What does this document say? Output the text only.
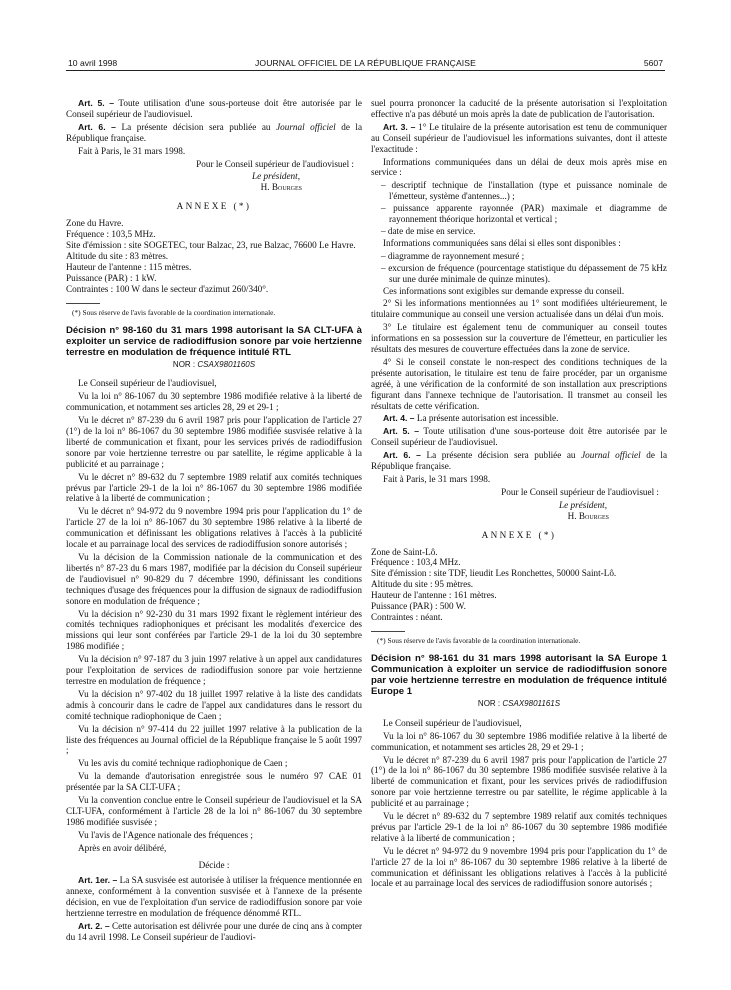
10 avril 1998	JOURNAL OFFICIEL DE LA RÉPUBLIQUE FRANÇAISE	5607

Art. 5. – Toute utilisation d'une sous-porteuse doit être autorisée par le Conseil supérieur de l'audiovisuel.

Art. 6. – La présente décision sera publiée au Journal officiel de la République française.

Fait à Paris, le 31 mars 1998.

Pour le Conseil supérieur de l'audiovisuel :

Le président,

H. Bourges

ANNEXE (*)

Zone du Havre.

Fréquence : 103,5 MHz.

Site d'émission : site SOGETEC, tour Balzac, 23, rue Balzac, 76600 Le Havre.

Altitude du site : 83 mètres.

Hauteur de l'antenne : 115 mètres.

Puissance (PAR) : 1 kW.

Contraintes : 100 W dans le secteur d'azimut 260/340°.

(*) Sous réserve de l'avis favorable de la coordination internationale.

Décision n° 98-160 du 31 mars 1998 autorisant la SA CLT-UFA à exploiter un service de radiodiffusion sonore par voie hertzienne terrestre en modulation de fréquence intitulé RTL

NOR : CSAX9801160S

Le Conseil supérieur de l'audiovisuel,

Vu la loi n° 86-1067 du 30 septembre 1986 modifiée relative à la liberté de communication, et notamment ses articles 28, 29 et 29-1 ;

Vu le décret n° 87-239 du 6 avril 1987 pris pour l'application de l'article 27 (1°) de la loi n° 86-1067 du 30 septembre 1986 modifiée susvisée relative à la liberté de communication et fixant, pour les services privés de radiodiffusion sonore par voie hertzienne terrestre ou par satellite, le régime applicable à la publicité et au parrainage ;

Vu le décret n° 89-632 du 7 septembre 1989 relatif aux comités techniques prévus par l'article 29-1 de la loi n° 86-1067 du 30 septembre 1986 modifiée relative à la liberté de communication ;

Vu le décret n° 94-972 du 9 novembre 1994 pris pour l'application du 1° de l'article 27 de la loi n° 86-1067 du 30 septembre 1986 relative à la liberté de communication et définissant les obligations relatives à l'accès à la publicité locale et au parrainage local des services de radiodiffusion sonore autorisés ;

Vu la décision de la Commission nationale de la communication et des libertés n° 87-23 du 6 mars 1987, modifiée par la décision du Conseil supérieur de l'audiovisuel n° 90-829 du 7 décembre 1990, définissant les conditions techniques d'usage des fréquences pour la diffusion de signaux de radiodiffusion sonore en modulation de fréquence ;

Vu la décision n° 92-230 du 31 mars 1992 fixant le règlement intérieur des comités techniques radiophoniques et précisant les modalités d'exercice des missions qui leur sont conférées par l'article 29-1 de la loi du 30 septembre 1986 modifiée ;

Vu la décision n° 97-187 du 3 juin 1997 relative à un appel aux candidatures pour l'exploitation de services de radiodiffusion sonore par voie hertzienne terrestre en modulation de fréquence ;

Vu la décision n° 97-402 du 18 juillet 1997 relative à la liste des candidats admis à concourir dans le cadre de l'appel aux candidatures dans le ressort du comité technique radiophonique de Caen ;

Vu la décision n° 97-414 du 22 juillet 1997 relative à la publication de la liste des fréquences au Journal officiel de la République française le 5 août 1997 ;

Vu les avis du comité technique radiophonique de Caen ;

Vu la demande d'autorisation enregistrée sous le numéro 97 CAE 01 présentée par la SA CLT-UFA ;

Vu la convention conclue entre le Conseil supérieur de l'audiovisuel et la SA CLT-UFA, conformément à l'article 28 de la loi n° 86-1067 du 30 septembre 1986 modifiée susvisée ;

Vu l'avis de l'Agence nationale des fréquences ;

Après en avoir délibéré,

Décide :

Art. 1er. – La SA susvisée est autorisée à utiliser la fréquence mentionnée en annexe, conformément à la convention susvisée et à l'annexe de la présente décision, en vue de l'exploitation d'un service de radiodiffusion sonore par voie hertzienne terrestre en modulation de fréquence dénommé RTL.

Art. 2. – Cette autorisation est délivrée pour une durée de cinq ans à compter du 14 avril 1998. Le Conseil supérieur de l'audiovi-

suel pourra prononcer la caducité de la présente autorisation si l'exploitation effective n'a pas débuté un mois après la date de publication de l'autorisation.

Art. 3. – 1° Le titulaire de la présente autorisation est tenu de communiquer au Conseil supérieur de l'audiovisuel les informations suivantes, dont il atteste l'exactitude :

Informations communiquées dans un délai de deux mois après mise en service :

– descriptif technique de l'installation (type et puissance nominale de l'émetteur, système d'antennes...) ;

– puissance apparente rayonnée (PAR) maximale et diagramme de rayonnement théorique horizontal et vertical ;

– date de mise en service.

Informations communiquées sans délai si elles sont disponibles :

– diagramme de rayonnement mesuré ;

– excursion de fréquence (pourcentage statistique du dépassement de 75 kHz sur une durée minimale de quinze minutes).

Ces informations sont exigibles sur demande expresse du conseil.

2° Si les informations mentionnées au 1° sont modifiées ultérieurement, le titulaire communique au conseil une version actualisée dans un délai d'un mois.

3° Le titulaire est également tenu de communiquer au conseil toutes informations en sa possession sur la couverture de l'émetteur, en particulier les résultats des mesures de couverture effectuées dans la zone de service.

4° Si le conseil constate le non-respect des conditions techniques de la présente autorisation, le titulaire est tenu de faire procéder, par un organisme agréé, à une vérification de la conformité de son installation aux prescriptions figurant dans l'annexe technique de l'autorisation. Il transmet au conseil les résultats de cette vérification.

Art. 4. – La présente autorisation est incessible.

Art. 5. – Toute utilisation d'une sous-porteuse doit être autorisée par le Conseil supérieur de l'audiovisuel.

Art. 6. – La présente décision sera publiée au Journal officiel de la République française.

Fait à Paris, le 31 mars 1998.

Pour le Conseil supérieur de l'audiovisuel :

Le président,

H. Bourges

ANNEXE (*)

Zone de Saint-Lô.

Fréquence : 103,4 MHz.

Site d'émission : site TDF, lieudit Les Ronchettes, 50000 Saint-Lô.

Altitude du site : 95 mètres.

Hauteur de l'antenne : 161 mètres.

Puissance (PAR) : 500 W.

Contraintes : néant.

(*) Sous réserve de l'avis favorable de la coordination internationale.

Décision n° 98-161 du 31 mars 1998 autorisant la SA Europe 1 Communication à exploiter un service de radiodiffusion sonore par voie hertzienne terrestre en modulation de fréquence intitulé Europe 1

NOR : CSAX9801161S

Le Conseil supérieur de l'audiovisuel,

Vu la loi n° 86-1067 du 30 septembre 1986 modifiée relative à la liberté de communication, et notamment ses articles 28, 29 et 29-1 ;

Vu le décret n° 87-239 du 6 avril 1987 pris pour l'application de l'article 27 (1°) de la loi n° 86-1067 du 30 septembre 1986 modifiée susvisée relative à la liberté de communication et fixant, pour les services privés de radiodiffusion sonore par voie hertzienne terrestre ou par satellite, le régime applicable à la publicité et au parrainage ;

Vu le décret n° 89-632 du 7 septembre 1989 relatif aux comités techniques prévus par l'article 29-1 de la loi n° 86-1067 du 30 septembre 1986 modifiée relative à la liberté de communication ;

Vu le décret n° 94-972 du 9 novembre 1994 pris pour l'application du 1° de l'article 27 de la loi n° 86-1067 du 30 septembre 1986 relative à la liberté de communication et définissant les obligations relatives à l'accès à la publicité locale et au parrainage local des services de radiodiffusion sonore autorisés ;
